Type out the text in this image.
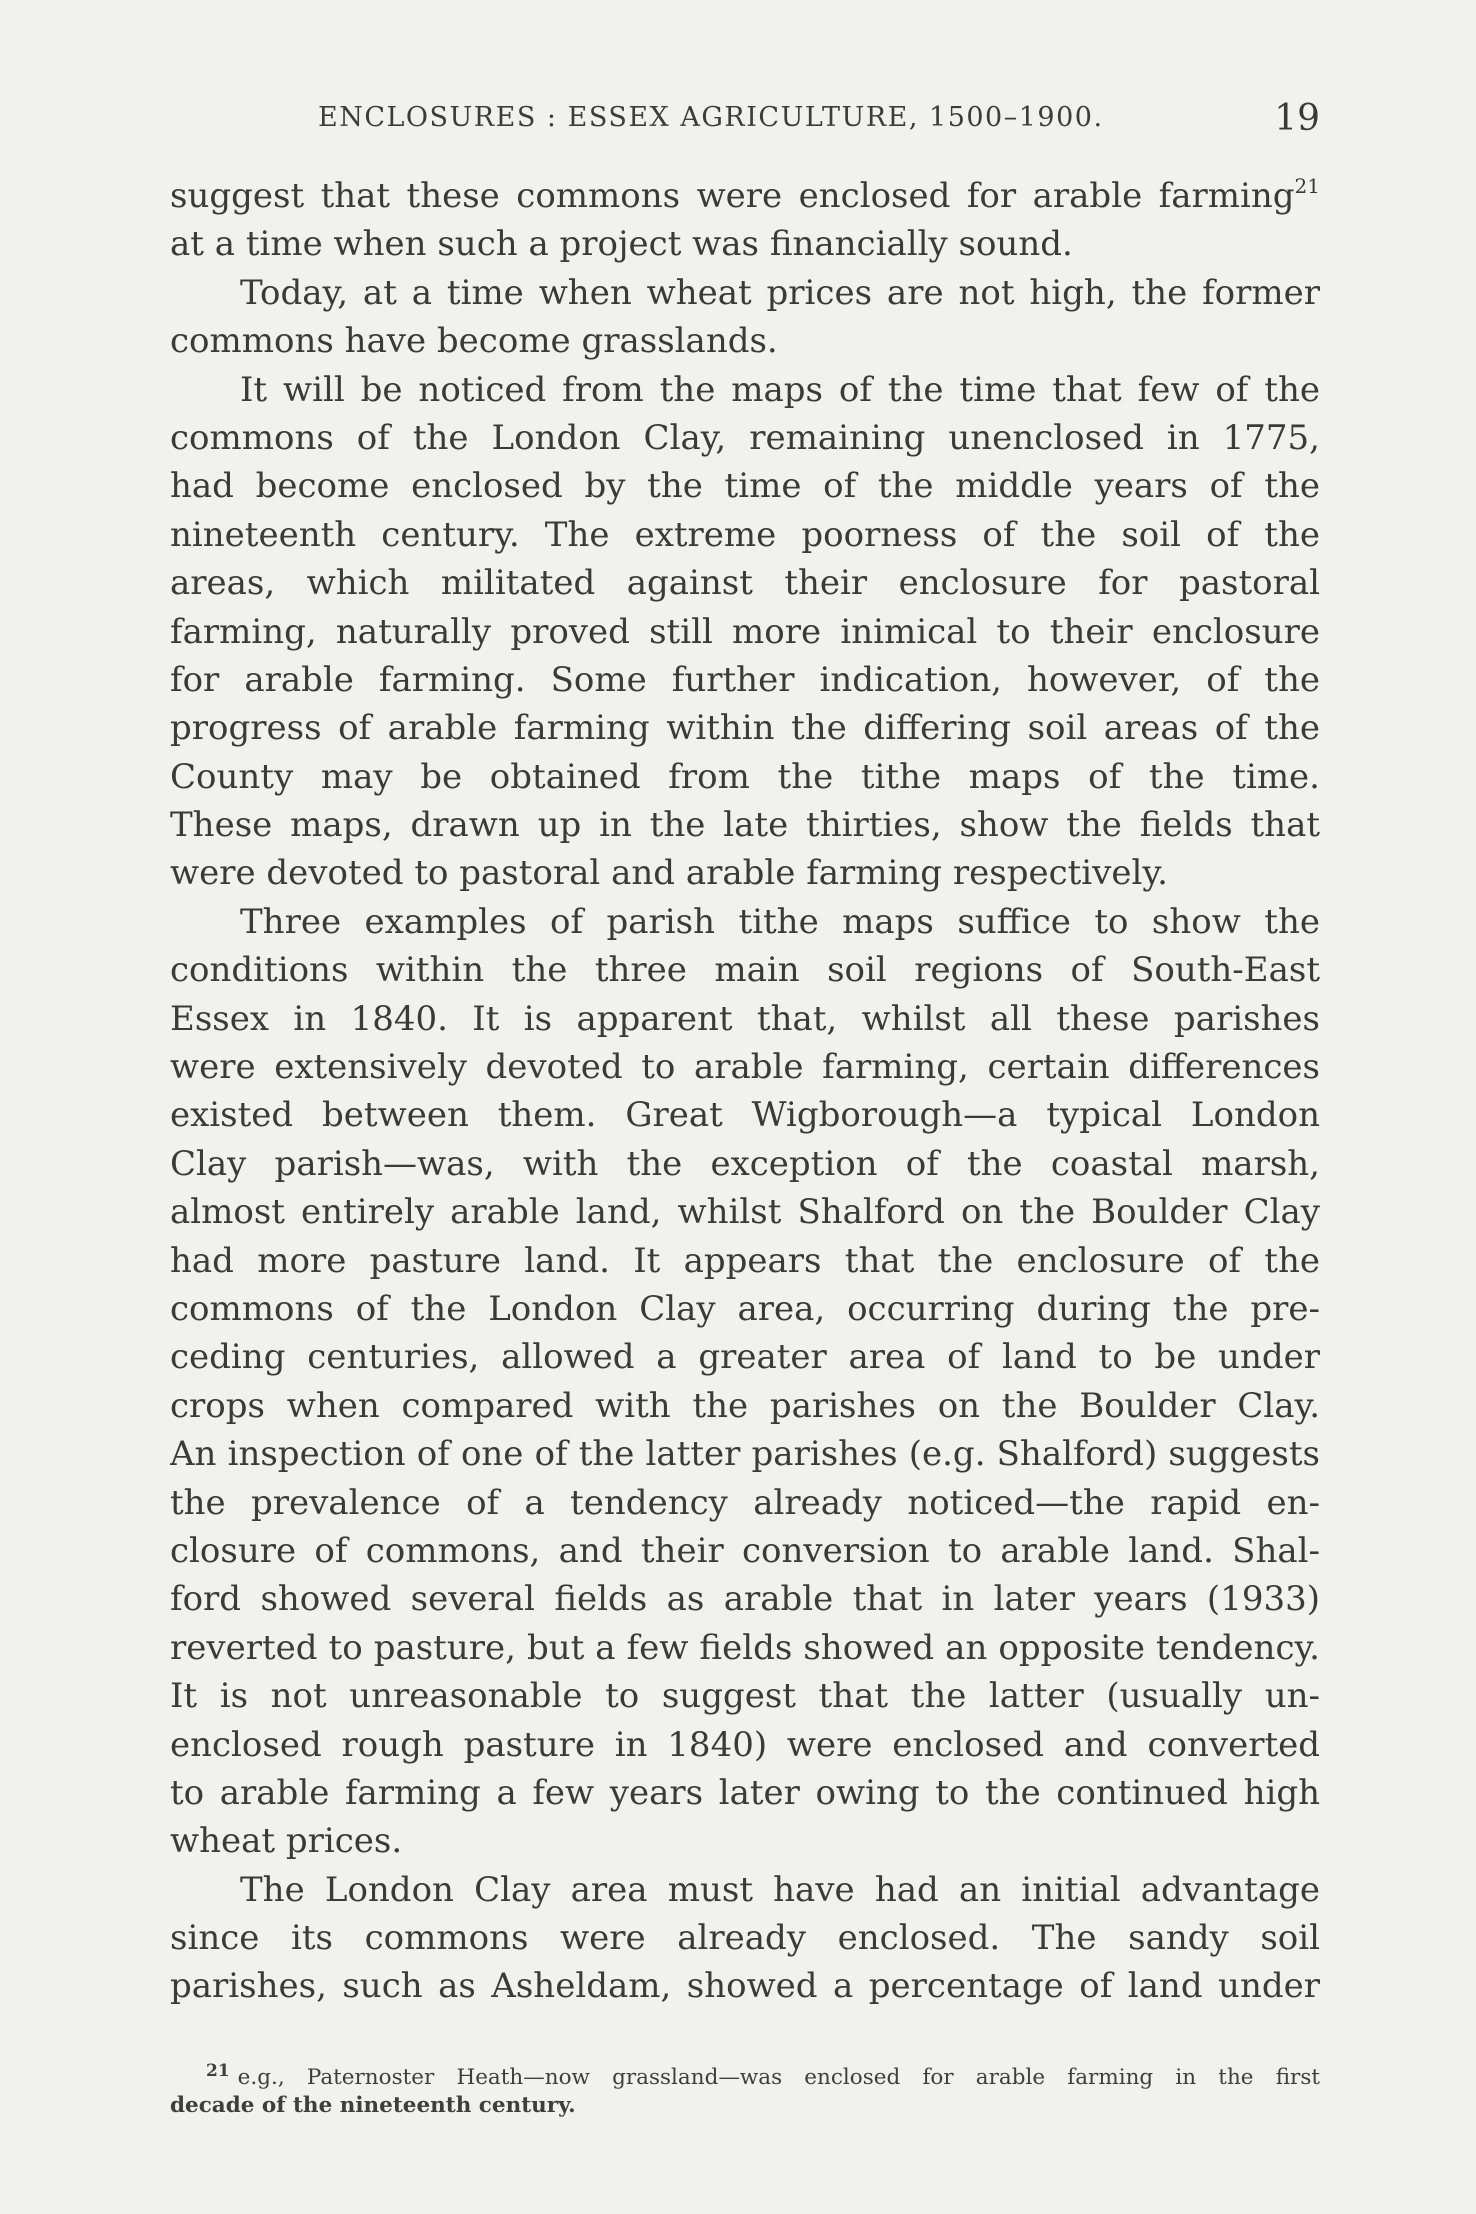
ENCLOSURES : ESSEX AGRICULTURE, 1500–1900.	19
suggest that these commons were enclosed for arable farming$^{21}$
at a time when such a project was financially sound.
Today, at a time when wheat prices are not high, the former
commons have become grasslands.
It will be noticed from the maps of the time that few of the
commons of the London Clay, remaining unenclosed in 1775,
had become enclosed by the time of the middle years of the
nineteenth century. The extreme poorness of the soil of the
areas, which militated against their enclosure for pastoral
farming, naturally proved still more inimical to their enclosure
for arable farming. Some further indication, however, of the
progress of arable farming within the differing soil areas of the
County may be obtained from the tithe maps of the time.
These maps, drawn up in the late thirties, show the fields that
were devoted to pastoral and arable farming respectively.
Three examples of parish tithe maps suffice to show the
conditions within the three main soil regions of South-East
Essex in 1840. It is apparent that, whilst all these parishes
were extensively devoted to arable farming, certain differences
existed between them. Great Wigborough—a typical London
Clay parish—was, with the exception of the coastal marsh,
almost entirely arable land, whilst Shalford on the Boulder Clay
had more pasture land. It appears that the enclosure of the
commons of the London Clay area, occurring during the pre-
ceding centuries, allowed a greater area of land to be under
crops when compared with the parishes on the Boulder Clay.
An inspection of one of the latter parishes (e.g. Shalford) suggests
the prevalence of a tendency already noticed—the rapid en-
closure of commons, and their conversion to arable land. Shal-
ford showed several fields as arable that in later years (1933)
reverted to pasture, but a few fields showed an opposite tendency.
It is not unreasonable to suggest that the latter (usually un-
enclosed rough pasture in 1840) were enclosed and converted
to arable farming a few years later owing to the continued high
wheat prices.
The London Clay area must have had an initial advantage
since its commons were already enclosed. The sandy soil
parishes, such as Asheldam, showed a percentage of land under
$^{21}$ e.g., Paternoster Heath—now grassland—was enclosed for arable farming in the first
decade of the nineteenth century.
